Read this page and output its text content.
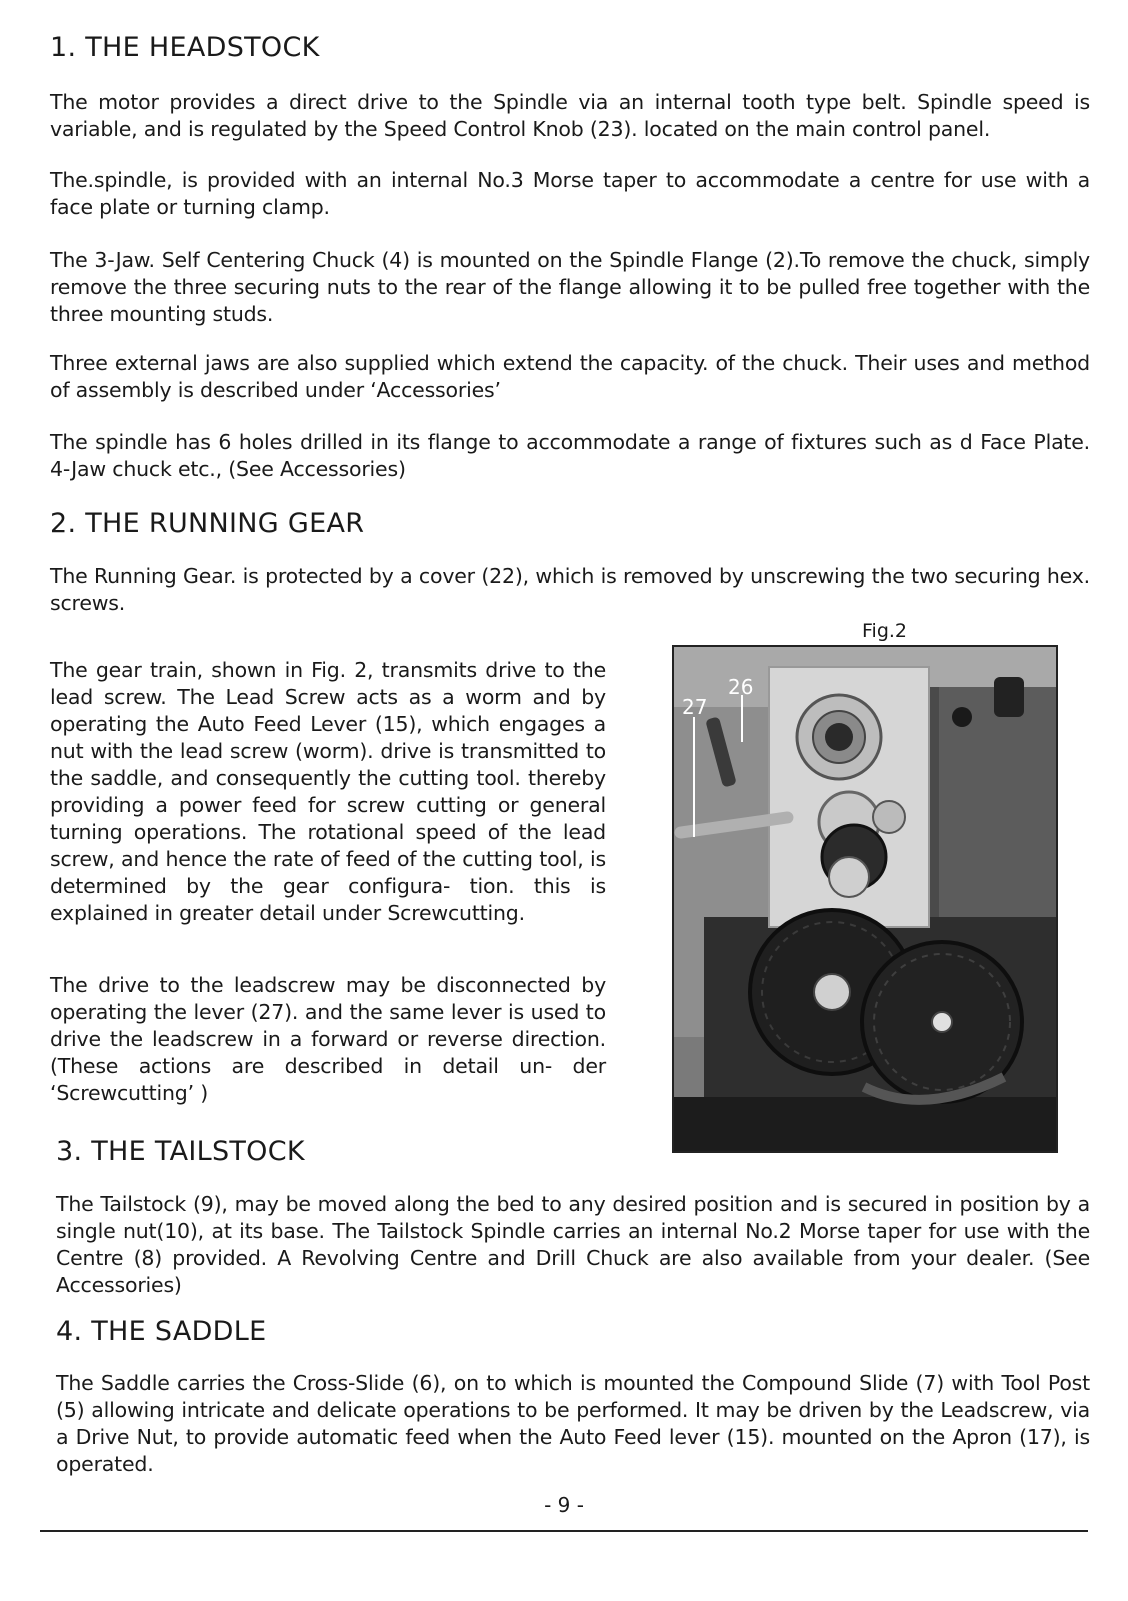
1. THE HEADSTOCK

The motor provides a direct drive to the Spindle via an internal tooth type belt. Spindle speed is variable, and is regulated by the Speed Control Knob (23). located on the main control panel.

The.spindle, is provided with an internal No.3 Morse taper to accommodate a centre for use with a face plate or turning clamp.

The 3-Jaw. Self Centering Chuck (4) is mounted on the Spindle Flange (2).To remove the chuck, simply remove the three securing nuts to the rear of the flange allowing it to be pulled free together with the three mounting studs.

Three external jaws are also supplied which extend the capacity. of the chuck. Their uses and method of assembly is described under ‘Accessories’

The spindle has 6 holes drilled in its flange to accommodate a range of fixtures such as d Face Plate. 4-Jaw chuck etc., (See Accessories)

2. THE RUNNING GEAR

The Running Gear. is protected by a cover (22), which is removed by unscrewing the two securing hex. screws.

The gear train, shown in Fig. 2, transmits drive to the lead screw. The Lead Screw acts as a worm and by operating the Auto Feed Lever (15), which engages a nut with the lead screw (worm). drive is transmitted to the saddle, and consequently the cutting tool. thereby providing a power feed for screw cutting or general turning operations. The rotational speed of the lead screw, and hence the rate of feed of the cutting tool, is determined by the gear configura- tion. this is explained in greater detail under Screwcutting.

The drive to the leadscrew may be disconnected by operating the lever (27). and the same lever is used to drive the leadscrew in a forward or reverse direction. (These actions are described in detail un- der ‘Screwcutting’ )

Fig.2
26
27
3. THE TAILSTOCK

The Tailstock (9), may be moved along the bed to any desired position and is secured in position by a single nut(10), at its base. The Tailstock Spindle carries an internal No.2 Morse taper for use with the Centre (8) provided. A Revolving Centre and Drill Chuck are also available from your dealer. (See Accessories)

4. THE SADDLE

The Saddle carries the Cross-Slide (6), on to which is mounted the Compound Slide (7) with Tool Post (5) allowing intricate and delicate operations to be performed. It may be driven by the Leadscrew, via a Drive Nut, to provide automatic feed when the Auto Feed lever (15). mounted on the Apron (17), is operated.

- 9 -
